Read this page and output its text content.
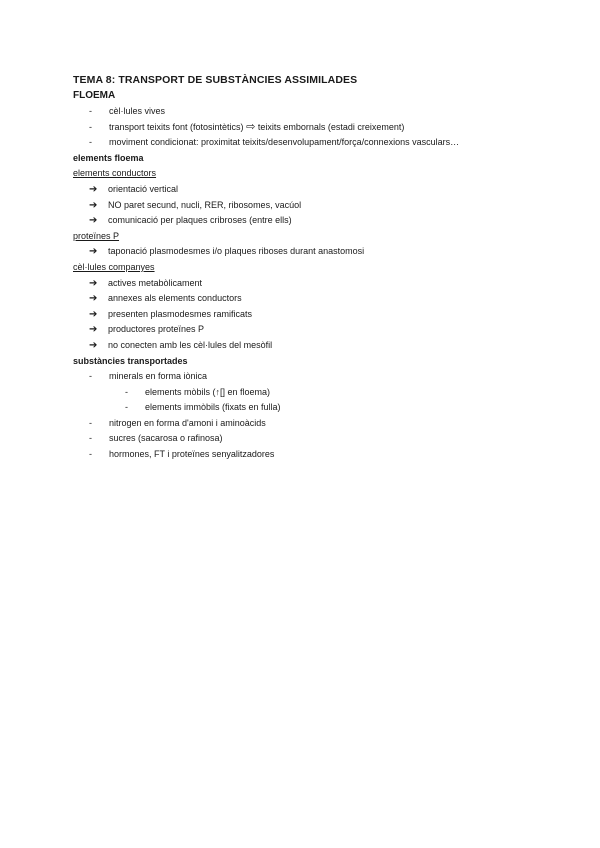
TEMA 8: TRANSPORT DE SUBSTÀNCIES ASSIMILADES
FLOEMA
- cèl·lules vives
- transport teixits font (fotosintètics) ⇨ teixits embornals (estadi creixement)
- moviment condicionat: proximitat teixits/desenvolupament/força/connexions vasculars…
elements floema
elements conductors
➔ orientació vertical
➔ NO paret secund, nucli, RER, ribosomes, vacúol
➔ comunicació per plaques cribroses (entre ells)
proteïnes P
➔ taponació plasmodesmes i/o plaques riboses durant anastomosi
cèl·lules companyes
➔ actives metabòlicament
➔ annexes als elements conductors
➔ presenten plasmodesmes ramificats
➔ productores proteïnes P
➔ no conecten amb les cèl·lules del mesòfil
substàncies transportades
- minerals en forma iònica
- elements mòbils (↑[] en floema)
- elements immòbils (fixats en fulla)
- nitrogen en forma d'amoni i aminoàcids
- sucres (sacarosa o rafinosa)
- hormones, FT i proteïnes senyalitzadores
